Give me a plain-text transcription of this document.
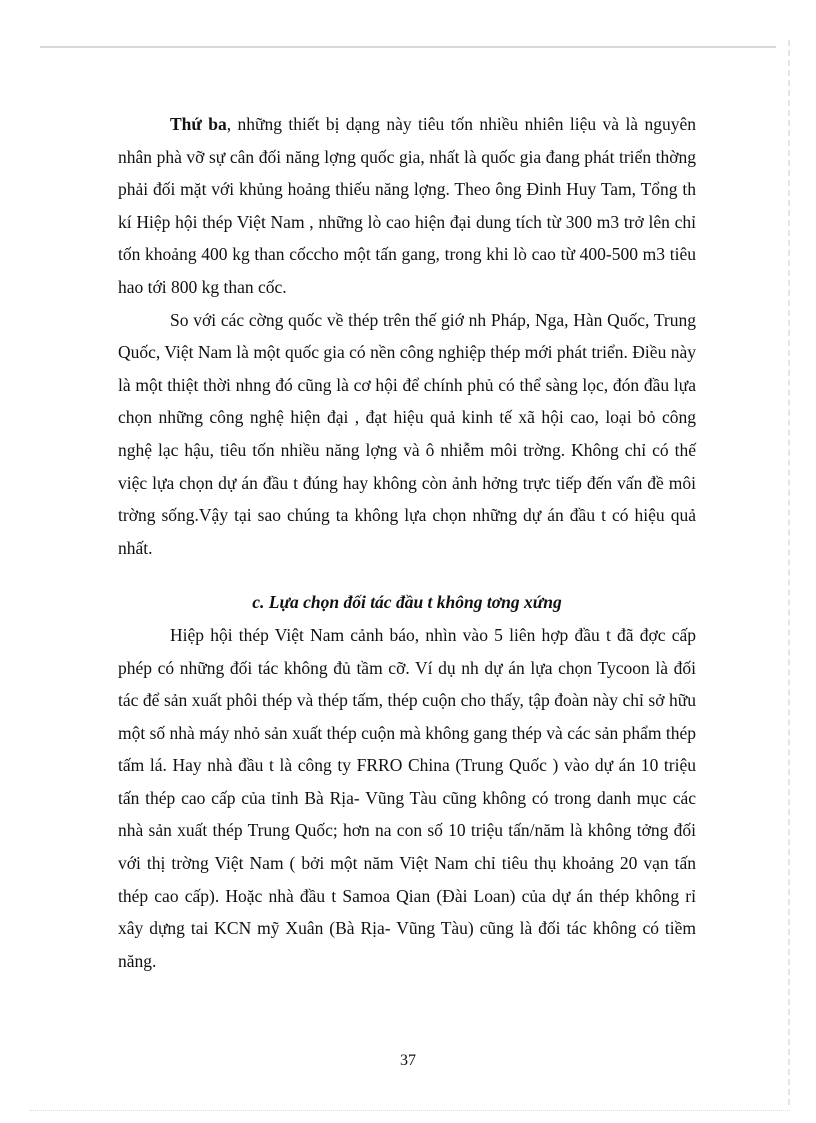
Thứ ba, những thiết bị dạng này tiêu tốn nhiều nhiên liệu và là nguyên nhân phà vỡ sự cân đối năng lợng quốc gia, nhất là quốc gia đang phát triển thờng phải đối mặt với khủng hoảng thiếu năng lợng. Theo ông Đinh Huy Tam, Tổng th kí Hiệp hội thép Việt Nam , những lò cao hiện đại dung tích từ 300 m3 trở lên chỉ tốn khoảng 400 kg than cốccho một tấn gang, trong khi lò cao từ 400-500 m3 tiêu hao tới 800 kg than cốc.

So với các cờng quốc về thép trên thế giớ nh Pháp, Nga, Hàn Quốc, Trung Quốc, Việt Nam là một quốc gia có nền công nghiệp thép mới phát triển. Điều này là một thiệt thời nhng đó cũng là cơ hội để chính phủ có thể sàng lọc, đón đầu lựa chọn những công nghệ hiện đại , đạt hiệu quả kinh tế xã hội cao, loại bỏ công nghệ lạc hậu, tiêu tốn nhiều năng lợng và ô nhiễm môi trờng. Không chỉ có thế việc lựa chọn dự án đầu t đúng hay không còn ảnh hởng trực tiếp đến vấn đề môi trờng sống.Vậy tại sao chúng ta không lựa chọn những dự án đầu t có hiệu quả nhất.

c. Lựa chọn đối tác đầu t không tơng xứng

Hiệp hội thép Việt Nam cảnh báo, nhìn vào 5 liên hợp đầu t đã đợc cấp phép có những đối tác không đủ tầm cỡ. Ví dụ nh dự án lựa chọn Tycoon là đối tác để sản xuất phôi thép và thép tấm, thép cuộn cho thấy, tập đoàn này chỉ sở hữu một số nhà máy nhỏ sản xuất thép cuộn mà không gang thép và các sản phẩm thép tấm lá. Hay nhà đầu t là công ty FRRO China (Trung Quốc ) vào dự án 10 triệu tấn thép cao cấp của tỉnh Bà Rịa- Vũng Tàu cũng không có trong danh mục các nhà sản xuất thép Trung Quốc; hơn na con số 10 triệu tấn/năm là không tởng đối với thị trờng Việt Nam ( bởi một năm Việt Nam chỉ tiêu thụ khoảng 20 vạn tấn thép cao cấp). Hoặc nhà đầu t Samoa Qian (Đài Loan) của dự án thép không rỉ xây dựng tai KCN mỹ Xuân (Bà Rịa- Vũng Tàu) cũng là đối tác không có tiềm năng.

37
